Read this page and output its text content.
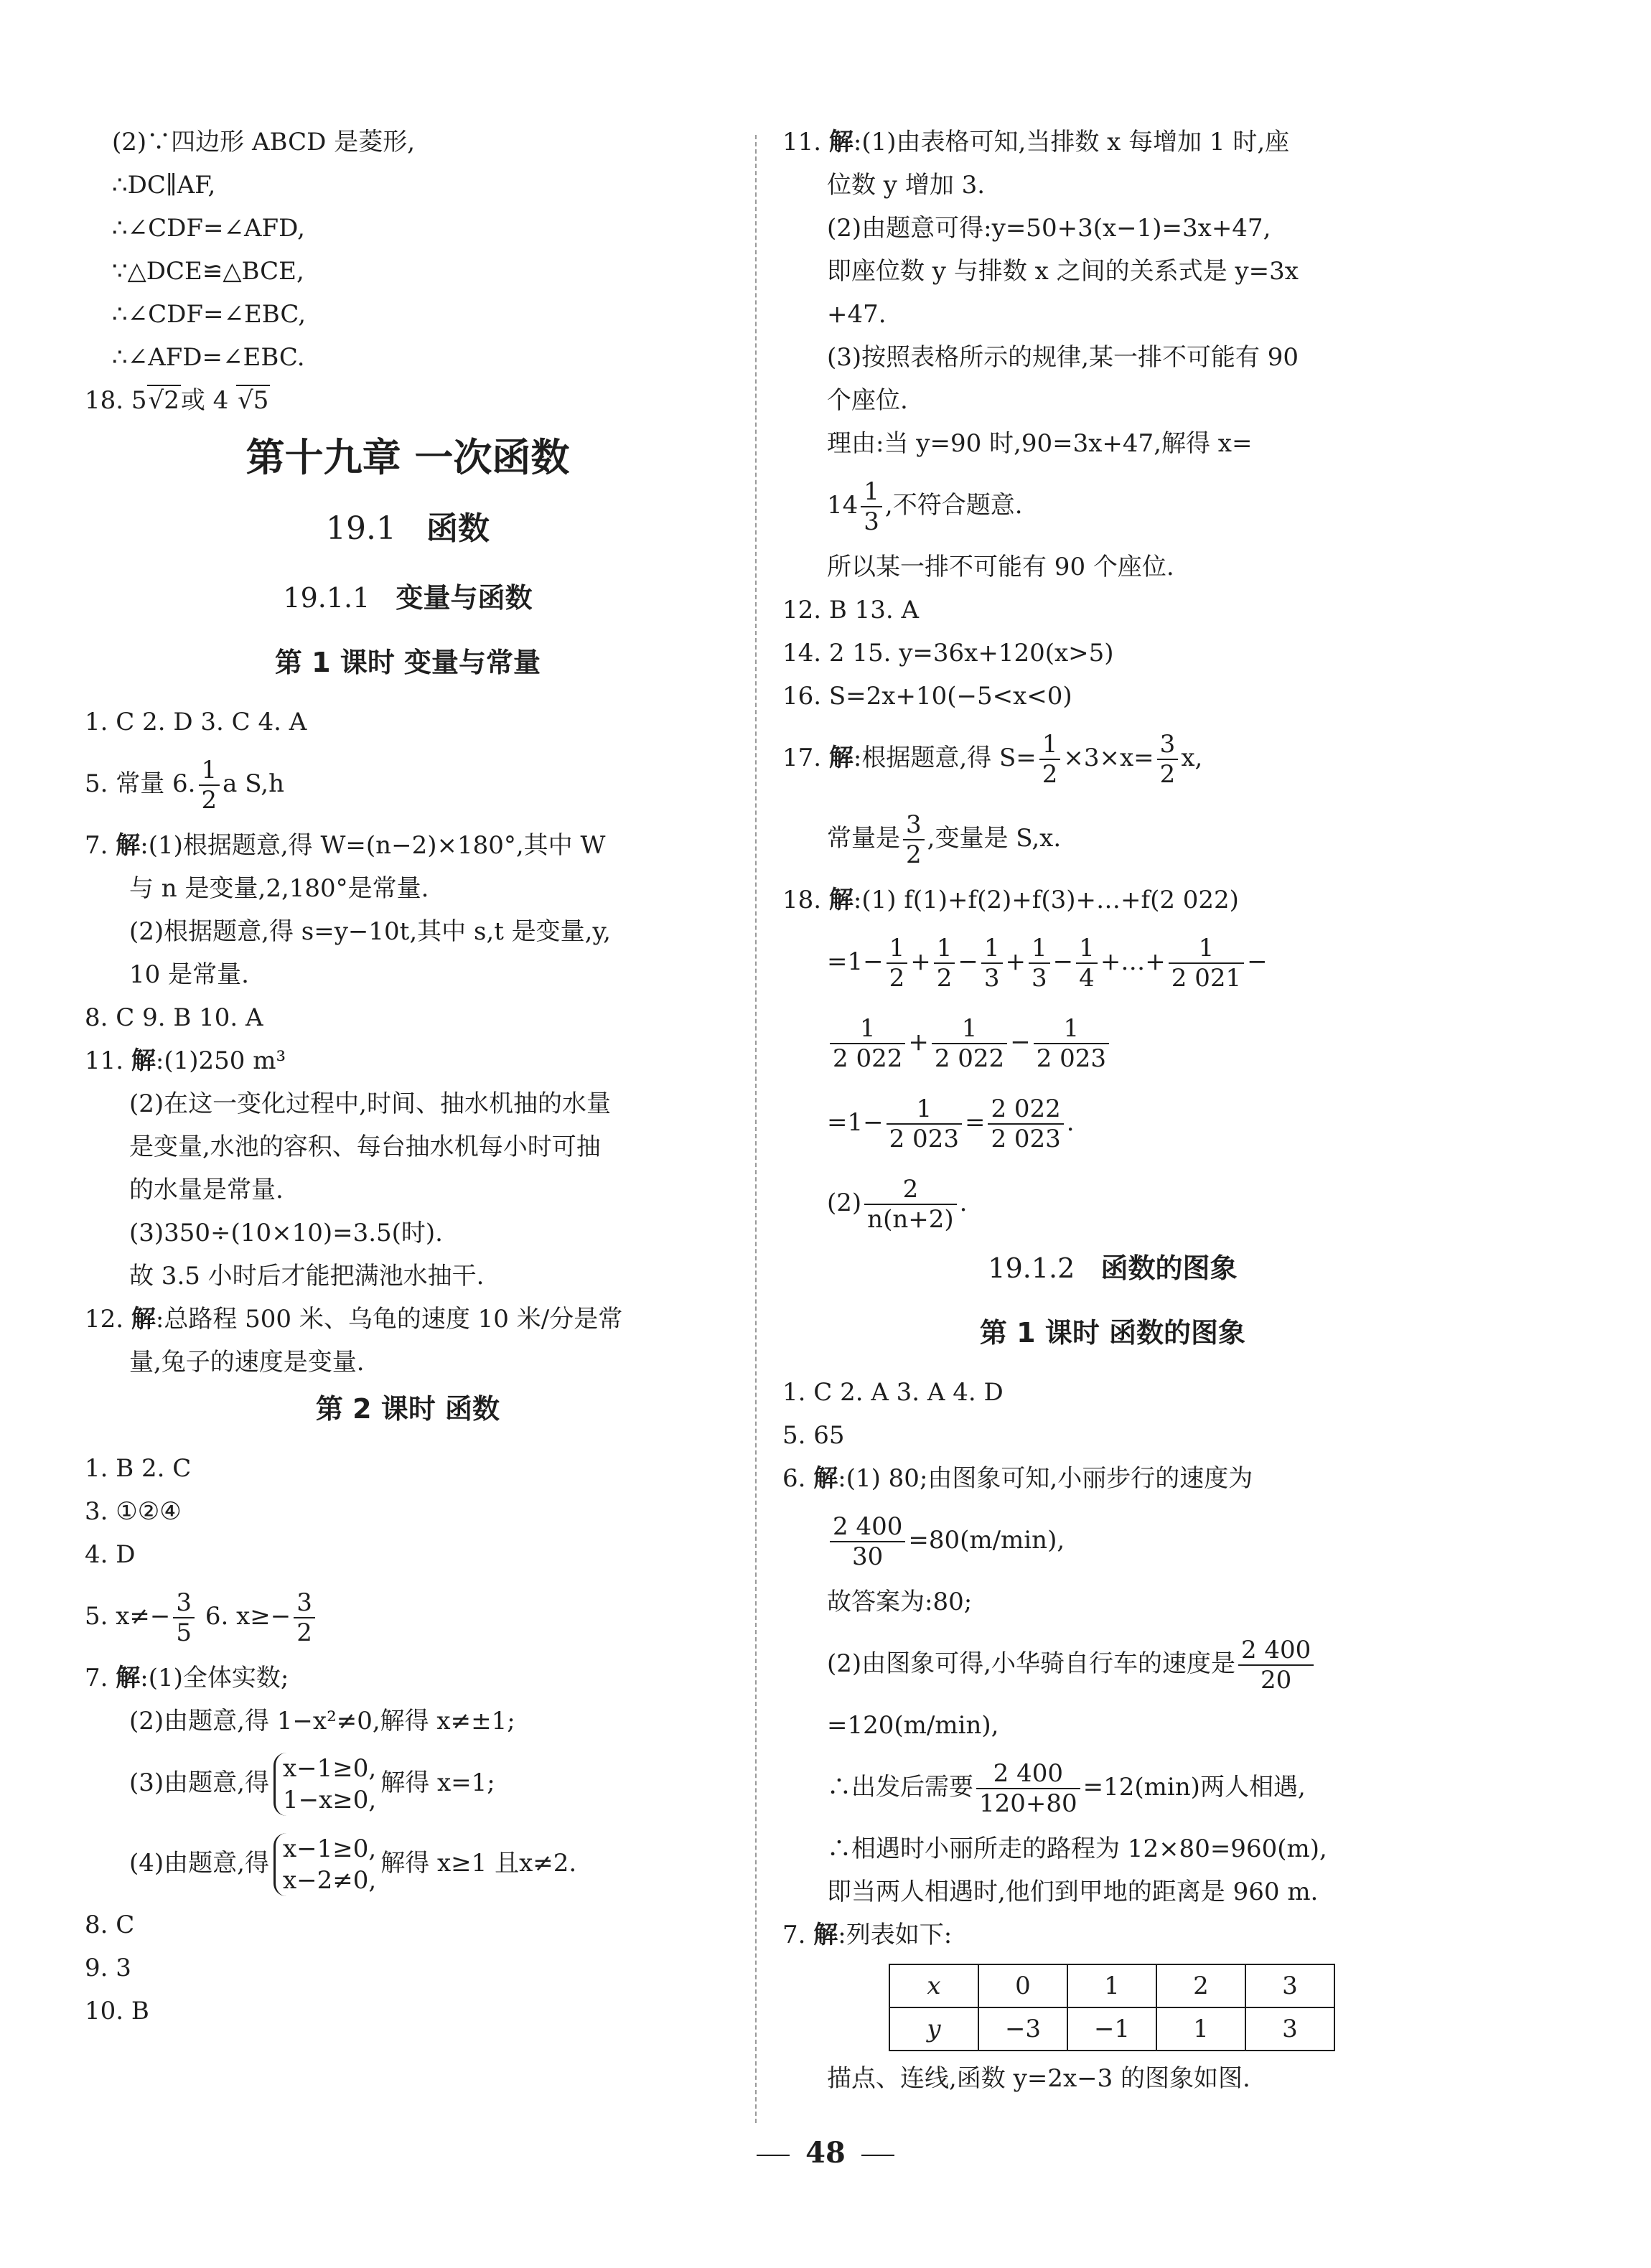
(2)∵四边形 ABCD 是菱形,
∴DC∥AF,
∴∠CDF=∠AFD,
∵△DCE≌△BCE,
∴∠CDF=∠EBC,
∴∠AFD=∠EBC.
18. 5√2或 4 √5
第十九章 一次函数
19.1 函数
19.1.1 变量与函数
第 1 课时 变量与常量
1. C 2. D 3. C 4. A
5. 常量 6. $\frac{1}{2}$ a S,h
7. 解:(1)根据题意,得 W=(n−2)×180°,其中 W
与 n 是变量,2,180°是常量.
(2)根据题意,得 s=y−10t,其中 s,t 是变量,y,
10 是常量.
8. C 9. B 10. A
11. 解:(1)250 m³
(2)在这一变化过程中,时间、抽水机抽的水量
是变量,水池的容积、每台抽水机每小时可抽
的水量是常量.
(3)350÷(10×10)=3.5(时).
故 3.5 小时后才能把满池水抽干.
12. 解:总路程 500 米、乌龟的速度 10 米/分是常
量,兔子的速度是变量.
第 2 课时 函数
1. B 2. C
3. ①②④
4. D
5. $x\ne- \frac{3}{5} 6$. $x\ge- \frac{3}{2}$
7. 解:(1)全体实数;
(2)由题意,得 1−x²≠0,解得 x≠±1;
(3)由题意,得 x−1≥0,
1−x≥0,
解得 x=1;
(4)由题意,得 x−1≥0,
x−2≠0,
解得 x≥1 且x≠2.
8. C
9. 3
10. B
11. 解:(1)由表格可知,当排数 x 每增加 1 时,座
位数 y 增加 3.
(2)由题意可得:y=50+3(x−1)=3x+47,
即座位数 y 与排数 x 之间的关系式是 y=3x
+47.
(3)按照表格所示的规律,某一排不可能有 90
个座位.
理由:当 y=90 时,90=3x+47,解得 x=
$14 \frac{1}{3}$ ,不符合题意.
所以某一排不可能有 90 个座位.
12. B 13. A
14. 2 15. y=36x+120(x>5)
16. S=2x+10(−5<x<0)
17. 解:根据题意,得 $S= \frac{1}{2} \times 3\times x= \frac{3}{2} x$,
常量是 $\frac{3}{2}$ ,变量是 S,x.
18. 解:(1) f(1)+f(2)+f(3)+…+f(2 022)
$=1- \frac{1}{2} + \frac{1}{2} - \frac{1}{3} + \frac{1}{3} - \frac{1}{4}$ +…+ $\frac{1}{2 021}$ −
$\frac{1}{2 022} + \frac{1}{2 022} - \frac{1}{2 023}$
$=1- \frac{1}{2 023} = \frac{2 022}{2 023}$ .
$(2) \frac{2}{n(n+2)}$ .
19.1.2 函数的图象
第 1 课时 函数的图象
1. C 2. A 3. A 4. D
5. 65
6. 解:(1) 80;由图象可知,小丽步行的速度为
$\frac{2 400}{30} =80(m/\min)$,
故答案为:80;
(2)由图象可得,小华骑自行车的速度是 $\frac{2 400}{20}$
=120(m/min),
∴出发后需要 $\frac{2 400}{120+80} =12(\min)$两人相遇,
∴相遇时小丽所走的路程为 12×80=960(m),
即当两人相遇时,他们到甲地的距离是 960 m.
7. 解:列表如下:
x	0	1	2	3
y	−3	−1	1	3
描点、连线,函数 y=2x−3 的图象如图.
48
